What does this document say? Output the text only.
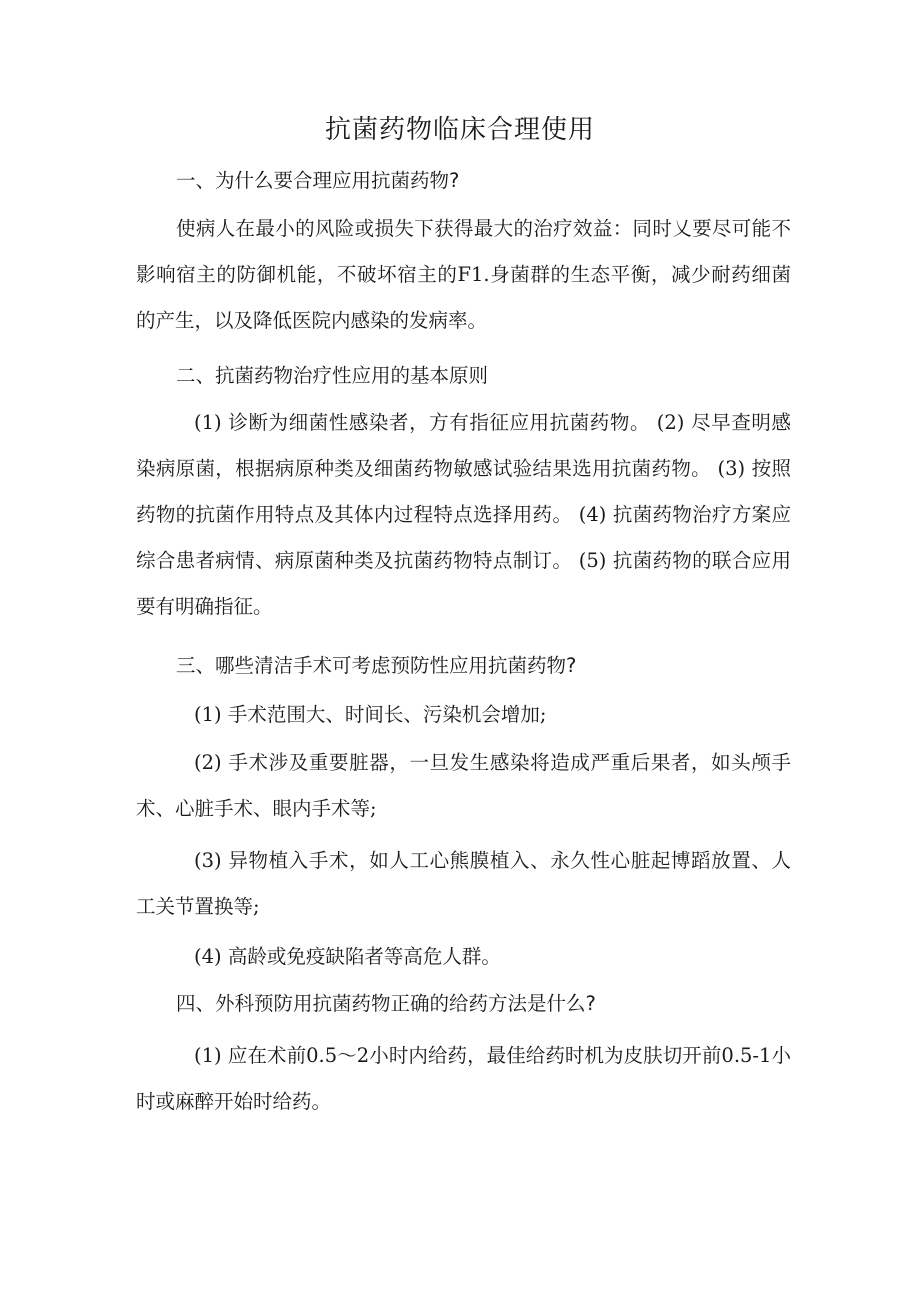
抗菌药物临床合理使用
一、为什么要合理应用抗菌药物?
使病人在最小的风险或损失下获得最大的治疗效益：同时乂要尽可能不影响宿主的防御机能，不破坏宿主的F1.身菌群的生态平衡，减少耐药细菌的产生，以及降低医院内感染的发病率。
二、抗菌药物治疗性应用的基本原则
(1) 诊断为细菌性感染者，方有指征应用抗菌药物。 (2) 尽早查明感染病原菌，根据病原种类及细菌药物敏感试验结果选用抗菌药物。 (3) 按照药物的抗菌作用特点及其体内过程特点选择用药。 (4) 抗菌药物治疗方案应综合患者病情、病原菌种类及抗菌药物特点制订。 (5) 抗菌药物的联合应用要有明确指征。
三、哪些清洁手术可考虑预防性应用抗菌药物?
(1) 手术范围大、时间长、污染机会增加;
(2) 手术涉及重要脏器，一旦发生感染将造成严重后果者，如头颅手术、心脏手术、眼内手术等;
(3) 异物植入手术，如人工心熊膜植入、永久性心脏起博蹈放置、人工关节置换等;
(4) 高龄或免疫缺陷者等高危人群。
四、外科预防用抗菌药物正确的给药方法是什么?
(1) 应在术前0.5〜2小时内给药，最佳给药时机为皮肤切开前0.5-1小时或麻醉开始时给药。
